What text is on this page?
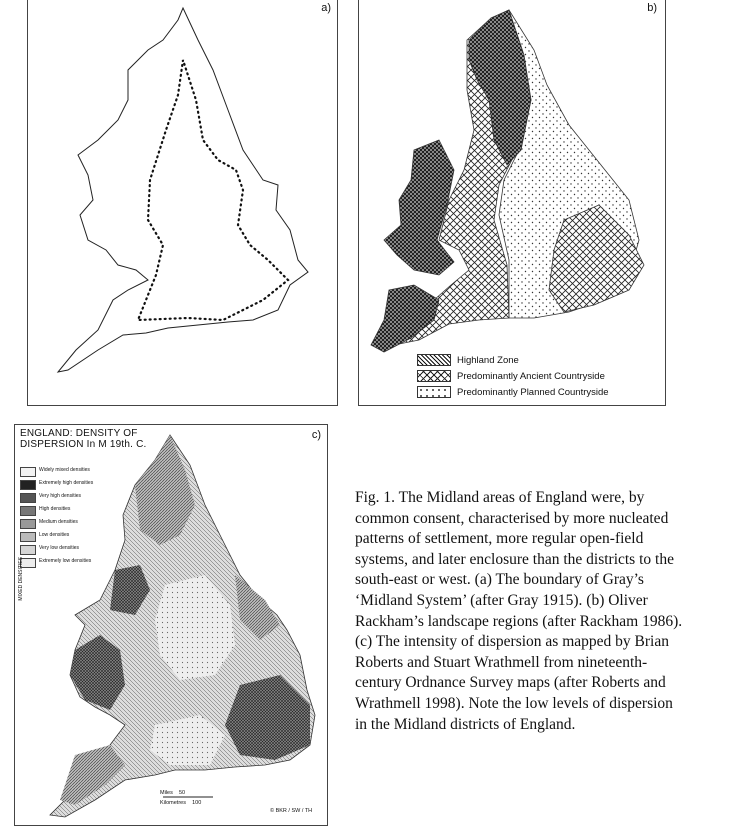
a)	b)
Highland Zone
Predominantly Ancient Countryside
Predominantly Planned Countryside
c)
ENGLAND: DENSITY OF
DISPERSION In M 19th. C.
Widely mixed densities
Extremely high densities
Very high densities
High densities
Medium densities
Low densities
Very low densities
Extremely low densities
MIXED DENSITIES
Miles 50
Kilometres 100
© BKR / SW / TH
Fig. 1. The Midland areas of England were, by common consent, characterised by more nucleated patterns of settlement, more regular open-field systems, and later enclosure than the districts to the south-east or west. (a) The boundary of Gray’s ‘Midland System’ (after Gray 1915). (b) Oliver Rackham’s landscape regions (after Rackham 1986). (c) The intensity of dispersion as mapped by Brian Roberts and Stuart Wrathmell from nineteenth-century Ordnance Survey maps (after Roberts and Wrathmell 1998). Note the low levels of dispersion in the Midland districts of England.
